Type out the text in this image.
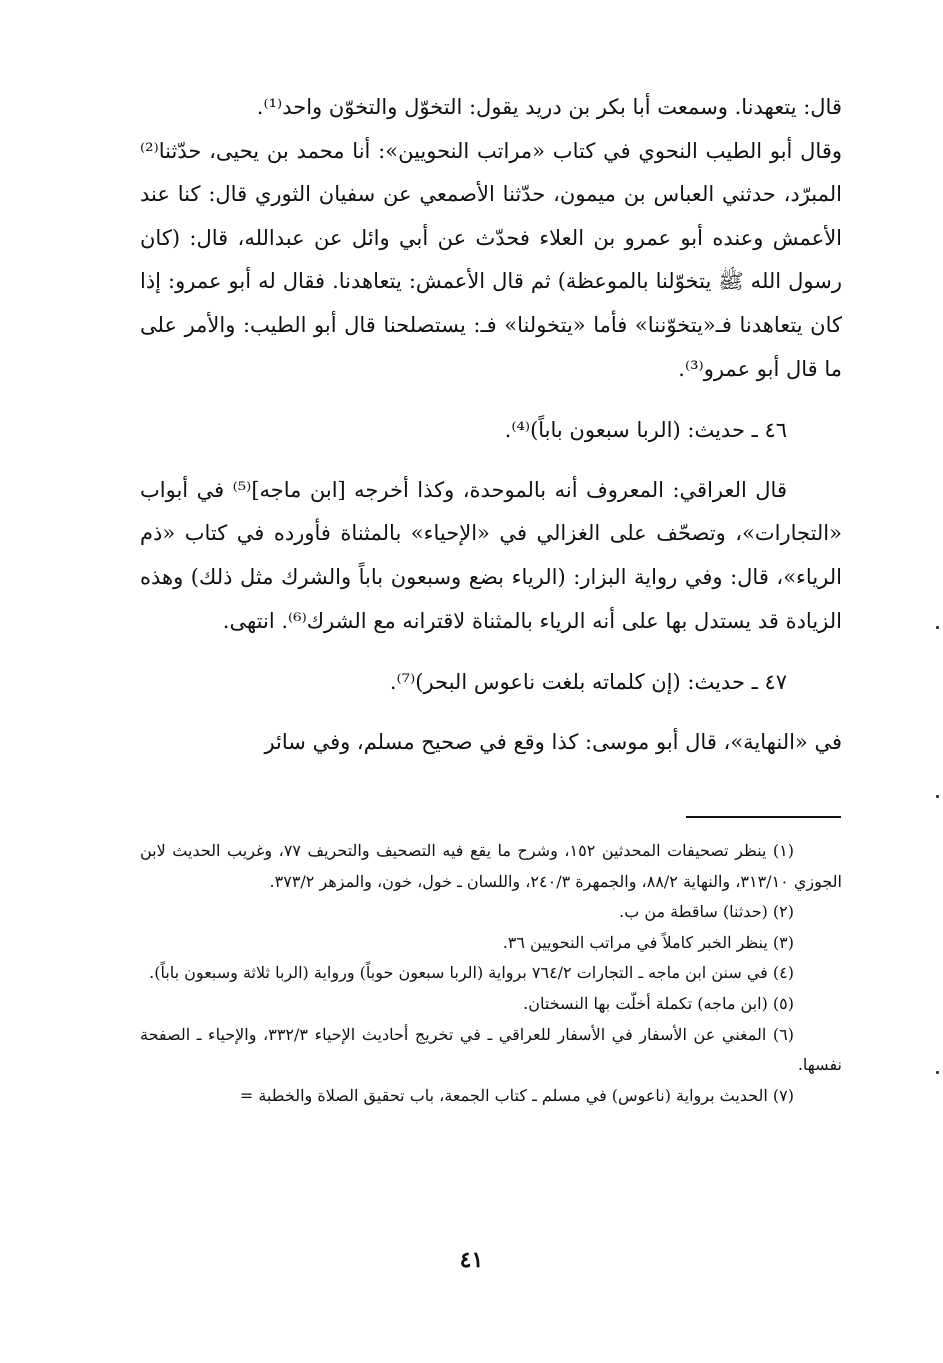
قال: يتعهدنا. وسمعت أبا بكر بن دريد يقول: التخوّل والتخوّن واحد⁽¹⁾.

وقال أبو الطيب النحوي في كتاب «مراتب النحويين»: أنا محمد بن يحيى، حدّثنا⁽²⁾ المبرّد، حدثني العباس بن ميمون، حدّثنا الأصمعي عن سفيان الثوري قال: كنا عند الأعمش وعنده أبو عمرو بن العلاء فحدّث عن أبي وائل عن عبدالله، قال: (كان رسول الله ﷺ يتخوّلنا بالموعظة) ثم قال الأعمش: يتعاهدنا. فقال له أبو عمرو: إذا كان يتعاهدنا فـ«يتخوّننا» فأما «يتخولنا» فـ: يستصلحنا قال أبو الطيب: والأمر على ما قال أبو عمرو⁽³⁾.

٤٦ ـ حديث: (الربا سبعون باباً)⁽⁴⁾.

قال العراقي: المعروف أنه بالموحدة، وكذا أخرجه [ابن ماجه]⁽⁵⁾ في أبواب «التجارات»، وتصحّف على الغزالي في «الإحياء» بالمثناة فأورده في كتاب «ذم الرياء»، قال: وفي رواية البزار: (الرياء بضع وسبعون باباً والشرك مثل ذلك) وهذه الزيادة قد يستدل بها على أنه الرياء بالمثناة لاقترانه مع الشرك⁽⁶⁾. انتهى.

٤٧ ـ حديث: (إن كلماته بلغت ناعوس البحر)⁽⁷⁾.

في «النهاية»، قال أبو موسى: كذا وقع في صحيح مسلم، وفي سائر

(١) ينظر تصحيفات المحدثين ١٥٢، وشرح ما يقع فيه التصحيف والتحريف ٧٧، وغريب الحديث لابن الجوزي ٣١٣/١٠، والنهاية ٨٨/٢، والجمهرة ٢٤٠/٣، واللسان ـ خول، خون، والمزهر ٣٧٣/٢.

(٢) (حدثنا) ساقطة من ب.

(٣) ينظر الخبر كاملاً في مراتب النحويين ٣٦.

(٤) في سنن ابن ماجه ـ التجارات ٧٦٤/٢ برواية (الربا سبعون حوباً) ورواية (الربا ثلاثة وسبعون باباً).

(٥) (ابن ماجه) تكملة أخلّت بها النسختان.

(٦) المغني عن الأسفار في الأسفار للعراقي ـ في تخريج أحاديث الإحياء ٣٣٢/٣، والإحياء ـ الصفحة نفسها.

(٧) الحديث برواية (ناعوس) في مسلم ـ كتاب الجمعة، باب تحقيق الصلاة والخطبة =

٤١
